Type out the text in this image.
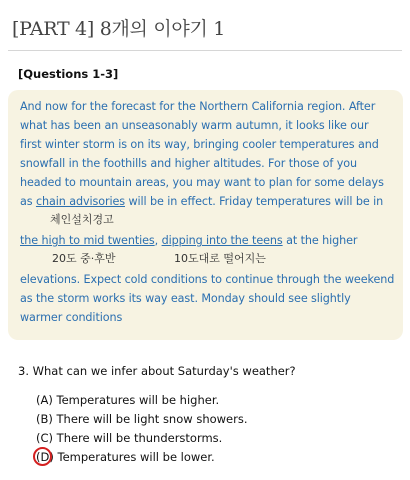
[PART 4] 8개의 이야기 1
[Questions 1-3]
And now for the forecast for the Northern California region. After
what has been an unseasonably warm autumn, it looks like our
first winter storm is on its way, bringing cooler temperatures and
snowfall in the foothills and higher altitudes. For those of you
headed to mountain areas, you may want to plan for some delays
as chain advisories will be in effect. Friday temperatures will be in
체인설치경고
the high to mid twenties, dipping into the teens at the higher
20도 중·후반	10도대로 떨어지는
elevations. Expect cold conditions to continue through the weekend
as the storm works its way east. Monday should see slightly
warmer conditions
3. What can we infer about Saturday's weather?
(A) Temperatures will be higher.
(B) There will be light snow showers.
(C) There will be thunderstorms.
(D) Temperatures will be lower.
